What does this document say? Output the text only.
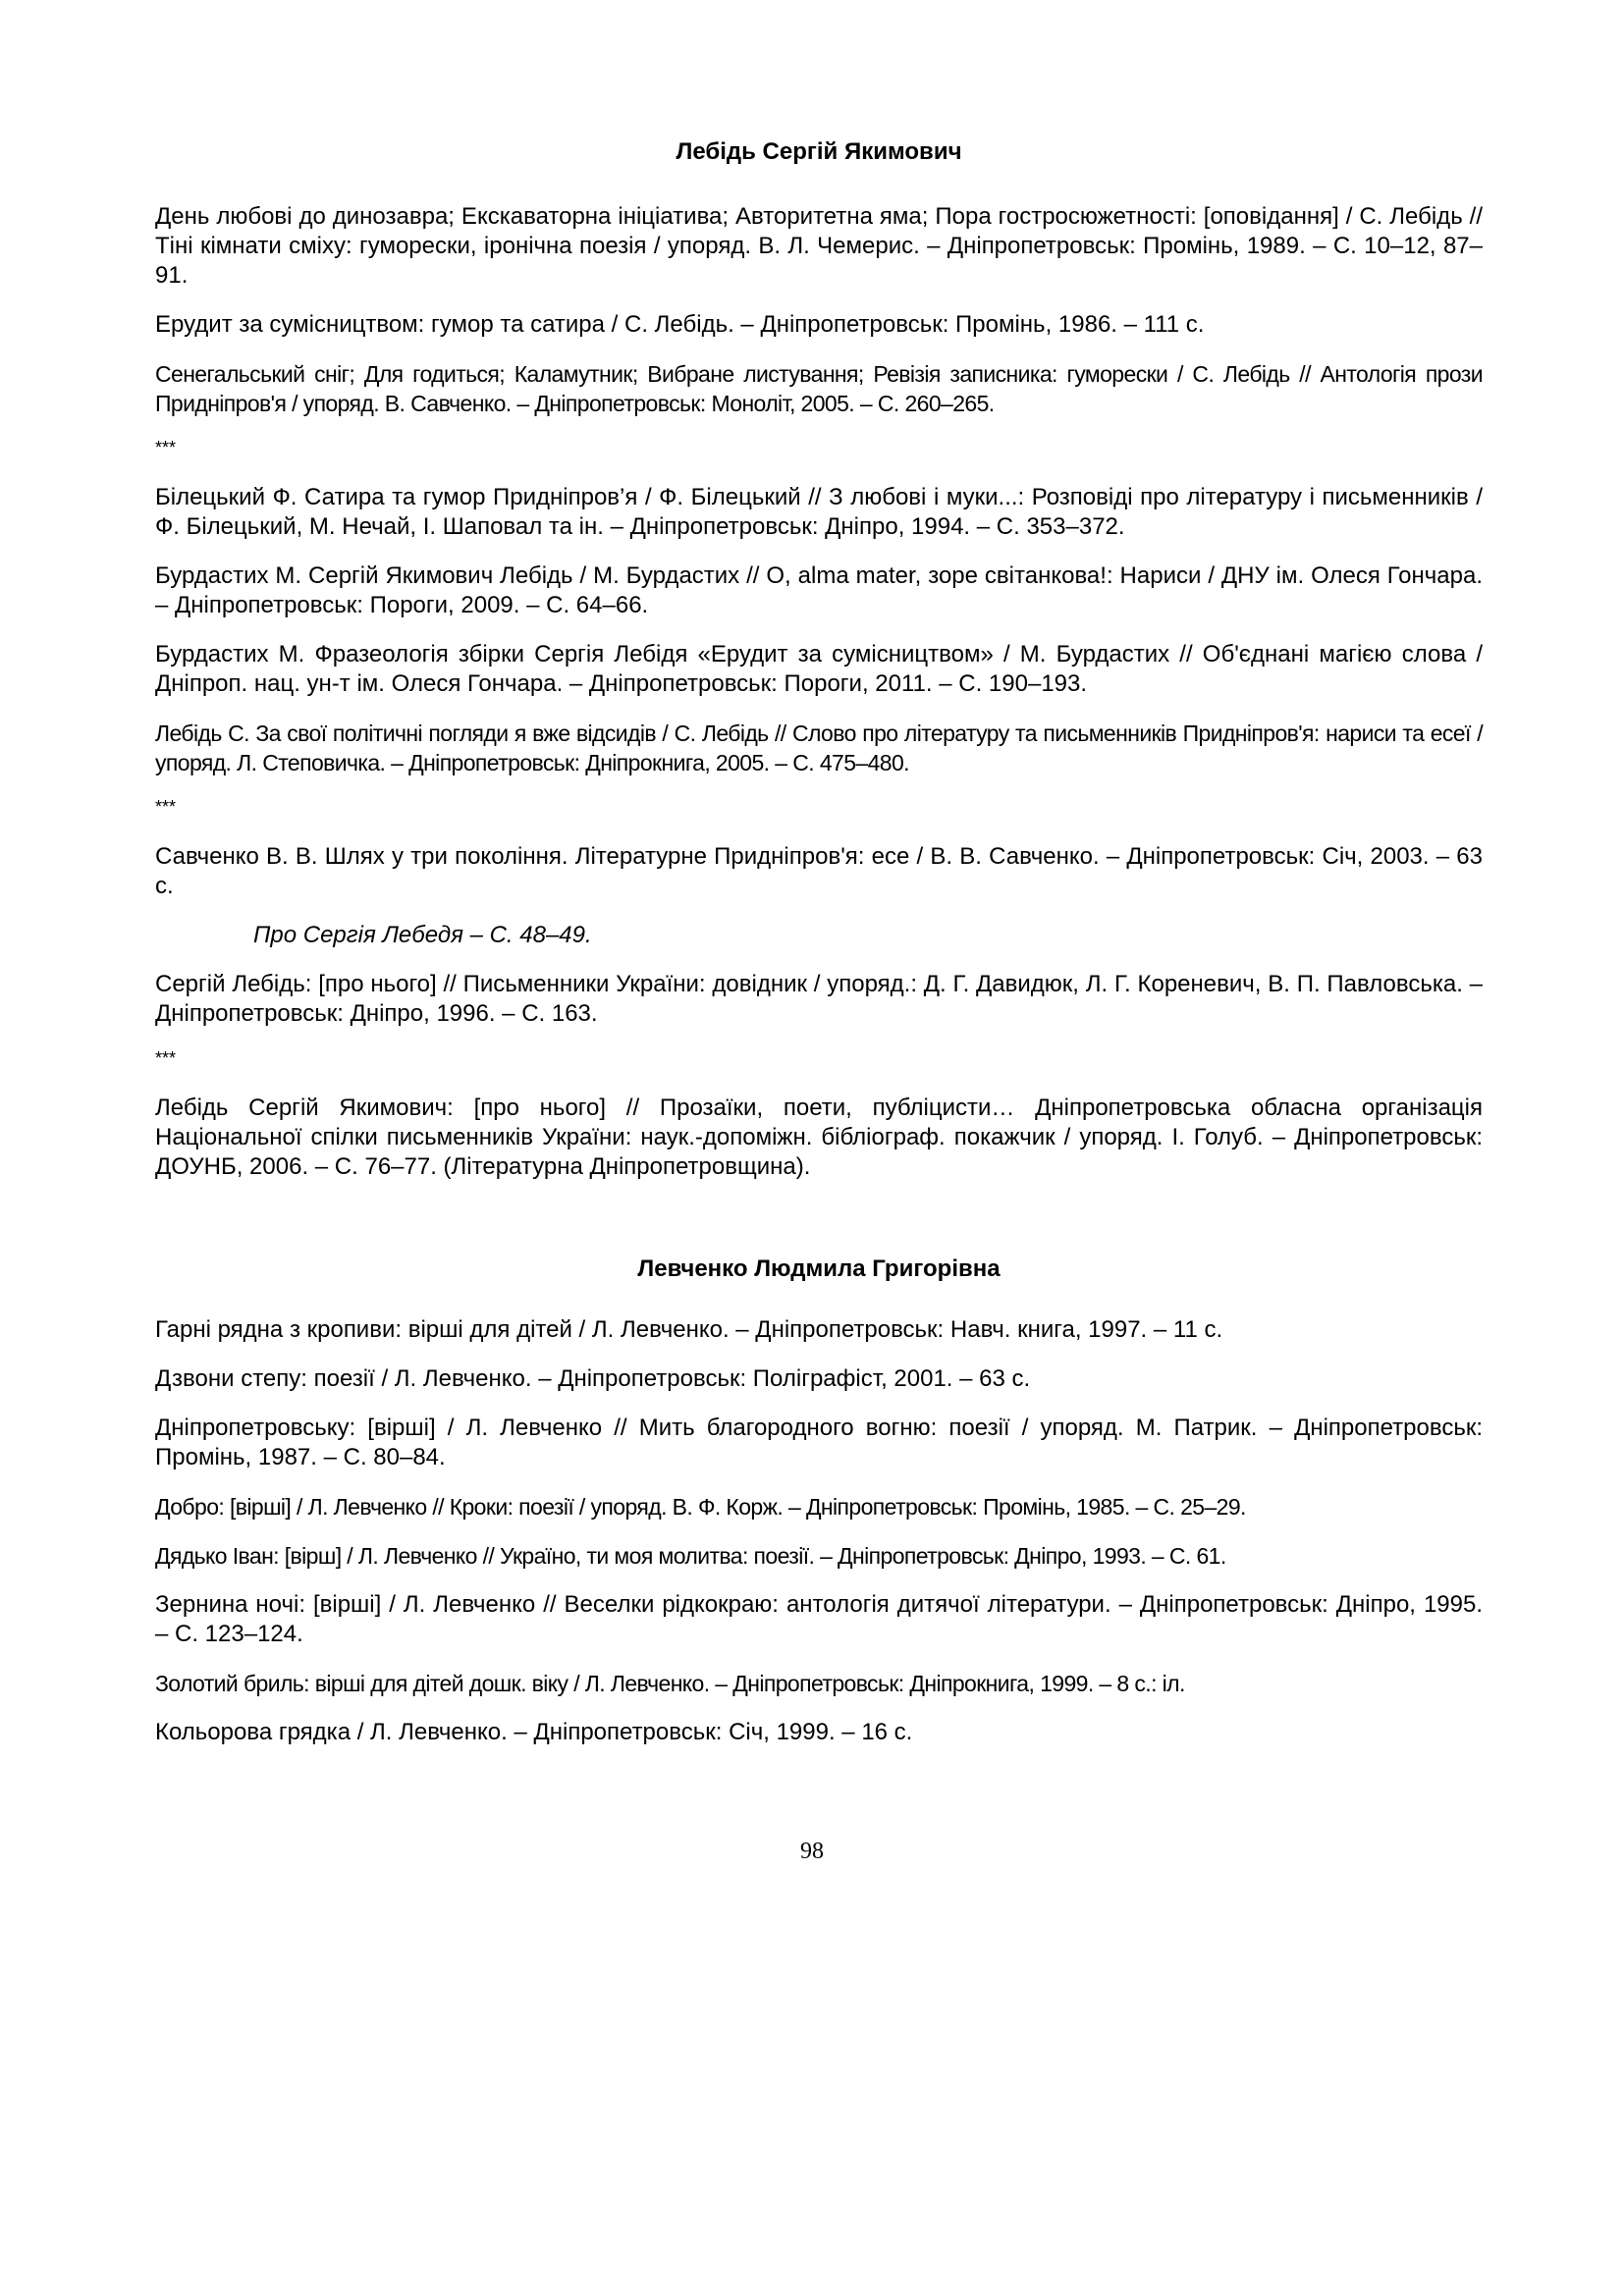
Лебідь Сергій Якимович

День любові до динозавра; Екскаваторна ініціатива; Авторитетна яма; Пора гостросюжетності: [оповідання] / С. Лебідь // Тіні кімнати сміху: гуморески, іронічна поезія / упоряд. В. Л. Чемерис. – Дніпропетровськ: Промінь, 1989. – С. 10–12, 87–91.

Ерудит за сумісництвом: гумор та сатира / С. Лебідь. – Дніпропетровськ: Промінь, 1986. – 111 с.

Сенегальський сніг; Для годиться; Каламутник; Вибране листування; Ревізія записника: гуморески / С. Лебідь // Антологія прози Придніпров'я / упоряд. В. Савченко. – Дніпропетровськ: Моноліт, 2005. – С. 260–265.

***

Білецький Ф. Сатира та гумор Придніпров’я / Ф. Білецький // З любові і муки...: Розповіді про літературу і письменників / Ф. Білецький, М. Нечай, І. Шаповал та ін. – Дніпропетровськ: Дніпро, 1994. – С. 353–372.

Бурдастих М. Сергій Якимович Лебідь / М. Бурдастих // О, alma mater, зоре світанкова!: Нариси / ДНУ ім. Олеся Гончара. – Дніпропетровськ: Пороги, 2009. – С. 64–66.

Бурдастих М. Фразеологія збірки Сергія Лебідя «Ерудит за сумісництвом» / М. Бурдастих // Об'єднані магією слова / Дніпроп. нац. ун-т ім. Олеся Гончара. – Дніпропетровськ: Пороги, 2011. – С. 190–193.

Лебідь С. За свої політичні погляди я вже відсидів / С. Лебідь // Слово про літературу та письменників Придніпров'я: нариси та есеї / упоряд. Л. Степовичка. – Дніпропетровськ: Дніпрокнига, 2005. – С. 475–480.

***

Савченко В. В. Шлях у три покоління. Літературне Придніпров'я: есе / В. В. Савченко. – Дніпропетровськ: Січ, 2003. – 63 с.

Про Сергія Лебедя – С. 48–49.

Сергій Лебідь: [про нього] // Письменники України: довідник / упоряд.: Д. Г. Давидюк, Л. Г. Кореневич, В. П. Павловська. – Дніпропетровськ: Дніпро, 1996. – С. 163.

***

Лебідь Сергій Якимович: [про нього] // Прозаїки, поети, публіцисти… Дніпропетровська обласна організація Національної спілки письменників України: наук.-допоміжн. бібліограф. покажчик / упоряд. І. Голуб. – Дніпропетровськ: ДОУНБ, 2006. – С. 76–77. (Літературна Дніпропетровщина).

Левченко Людмила Григорівна

Гарні рядна з кропиви: вірші для дітей / Л. Левченко. – Дніпропетровськ: Навч. книга, 1997. – 11 с.

Дзвони степу: поезії / Л. Левченко. – Дніпропетровськ: Поліграфіст, 2001. – 63 с.

Дніпропетровську: [вірші] / Л. Левченко // Мить благородного вогню: поезії / упоряд. М. Патрик. – Дніпропетровськ: Промінь, 1987. – С. 80–84.

Добро: [вірші] / Л. Левченко // Кроки: поезії / упоряд. В. Ф. Корж. – Дніпропетровськ: Промінь, 1985. – С. 25–29.

Дядько Іван: [вірш] / Л. Левченко // Україно, ти моя молитва: поезії. – Дніпропетровськ: Дніпро, 1993. – С. 61.

Зернина ночі: [вірші] / Л. Левченко // Веселки рідкокраю: антологія дитячої літератури. – Дніпропетровськ: Дніпро, 1995. – С. 123–124.

Золотий бриль: вірші для дітей дошк. віку / Л. Левченко. – Дніпропетровськ: Дніпрокнига, 1999. – 8 с.: іл.

Кольорова грядка / Л. Левченко. – Дніпропетровськ: Січ, 1999. – 16 с.

98
